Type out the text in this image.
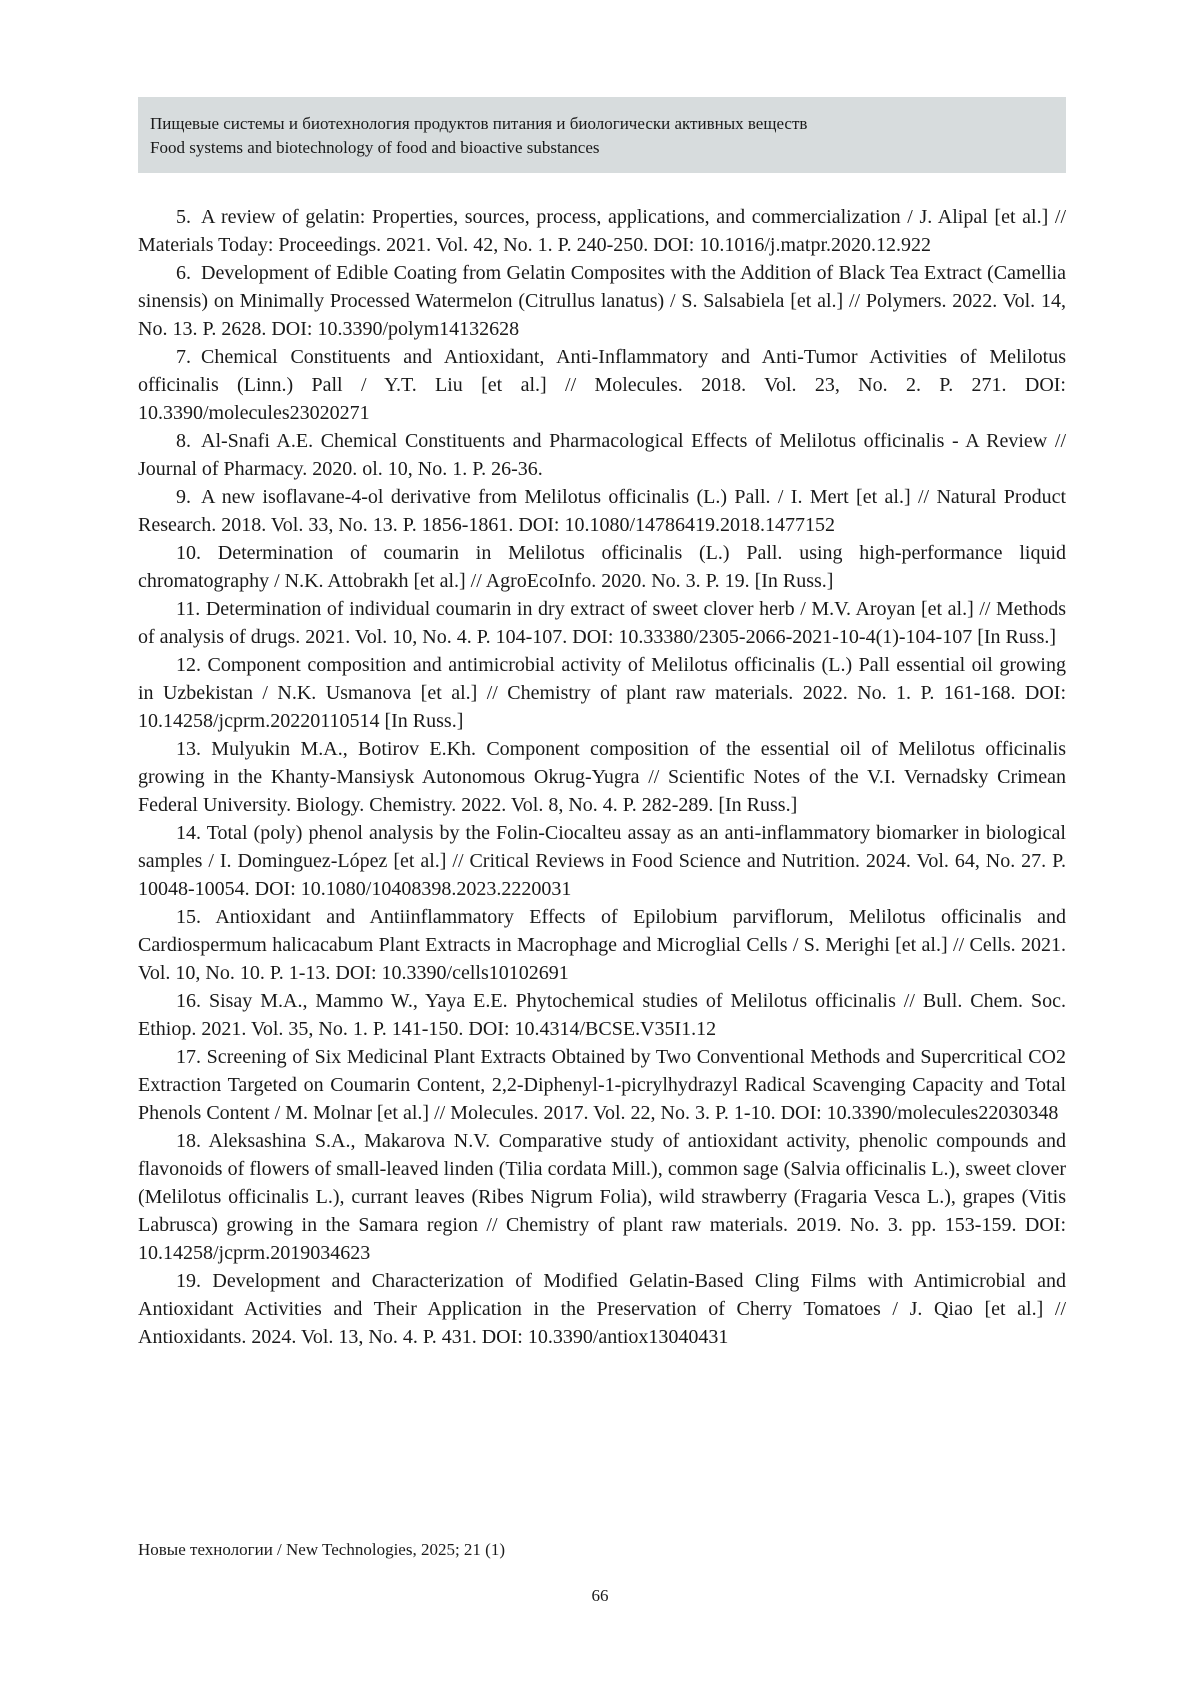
Пищевые системы и биотехнология продуктов питания и биологически активных веществ
Food systems and biotechnology of food and bioactive substances

5. A review of gelatin: Properties, sources, process, applications, and commercialization / J. Alipal [et al.] // Materials Today: Proceedings. 2021. Vol. 42, No. 1. P. 240-250. DOI: 10.1016/j.matpr.2020.12.922

6. Development of Edible Coating from Gelatin Composites with the Addition of Black Tea Extract (Camellia sinensis) on Minimally Processed Watermelon (Citrullus lanatus) / S. Salsabiela [et al.] // Polymers. 2022. Vol. 14, No. 13. P. 2628. DOI: 10.3390/polym14132628

7. Chemical Constituents and Antioxidant, Anti-Inflammatory and Anti-Tumor Activities of Melilotus officinalis (Linn.) Pall / Y.T. Liu [et al.] // Molecules. 2018. Vol. 23, No. 2. P. 271. DOI: 10.3390/molecules23020271

8. Al-Snafi A.E. Chemical Constituents and Pharmacological Effects of Melilotus officinalis - A Review // Journal of Pharmacy. 2020. ol. 10, No. 1. P. 26-36.

9. A new isoflavane-4-ol derivative from Melilotus officinalis (L.) Pall. / I. Mert [et al.] // Natural Product Research. 2018. Vol. 33, No. 13. P. 1856-1861. DOI: 10.1080/14786419.2018.1477152

10. Determination of coumarin in Melilotus officinalis (L.) Pall. using high-performance liquid chromatography / N.K. Attobrakh [et al.] // AgroEcoInfo. 2020. No. 3. P. 19. [In Russ.]

11. Determination of individual coumarin in dry extract of sweet clover herb / M.V. Aroyan [et al.] // Methods of analysis of drugs. 2021. Vol. 10, No. 4. P. 104-107. DOI: 10.33380/2305-2066-2021-10-4(1)-104-107 [In Russ.]

12. Component composition and antimicrobial activity of Melilotus officinalis (L.) Pall essential oil growing in Uzbekistan / N.K. Usmanova [et al.] // Chemistry of plant raw materials. 2022. No. 1. P. 161-168. DOI: 10.14258/jcprm.20220110514 [In Russ.]

13. Mulyukin M.A., Botirov E.Kh. Component composition of the essential oil of Melilotus officinalis growing in the Khanty-Mansiysk Autonomous Okrug-Yugra // Scientific Notes of the V.I. Vernadsky Crimean Federal University. Biology. Chemistry. 2022. Vol. 8, No. 4. P. 282-289. [In Russ.]

14. Total (poly) phenol analysis by the Folin-Ciocalteu assay as an anti-inflammatory biomarker in biological samples / I. Dominguez-López [et al.] // Critical Reviews in Food Science and Nutrition. 2024. Vol. 64, No. 27. P. 10048-10054. DOI: 10.1080/10408398.2023.2220031

15. Antioxidant and Antiinflammatory Effects of Epilobium parviflorum, Melilotus officinalis and Cardiospermum halicacabum Plant Extracts in Macrophage and Microglial Cells / S. Merighi [et al.] // Cells. 2021. Vol. 10, No. 10. P. 1-13. DOI: 10.3390/cells10102691

16. Sisay M.A., Mammo W., Yaya E.E. Phytochemical studies of Melilotus officinalis // Bull. Chem. Soc. Ethiop. 2021. Vol. 35, No. 1. P. 141-150. DOI: 10.4314/BCSE.V35I1.12

17. Screening of Six Medicinal Plant Extracts Obtained by Two Conventional Methods and Supercritical CO2 Extraction Targeted on Coumarin Content, 2,2-Diphenyl-1-picrylhydrazyl Radical Scavenging Capacity and Total Phenols Content / M. Molnar [et al.] // Molecules. 2017. Vol. 22, No. 3. P. 1-10. DOI: 10.3390/molecules22030348

18. Aleksashina S.A., Makarova N.V. Comparative study of antioxidant activity, phenolic compounds and flavonoids of flowers of small-leaved linden (Tilia cordata Mill.), common sage (Salvia officinalis L.), sweet clover (Melilotus officinalis L.), currant leaves (Ribes Nigrum Folia), wild strawberry (Fragaria Vesca L.), grapes (Vitis Labrusca) growing in the Samara region // Chemistry of plant raw materials. 2019. No. 3. pp. 153-159. DOI: 10.14258/jcprm.2019034623

19. Development and Characterization of Modified Gelatin-Based Cling Films with Antimicrobial and Antioxidant Activities and Their Application in the Preservation of Cherry Tomatoes / J. Qiao [et al.] // Antioxidants. 2024. Vol. 13, No. 4. P. 431. DOI: 10.3390/antiox13040431

Новые технологии / New Technologies, 2025; 21 (1)
66
